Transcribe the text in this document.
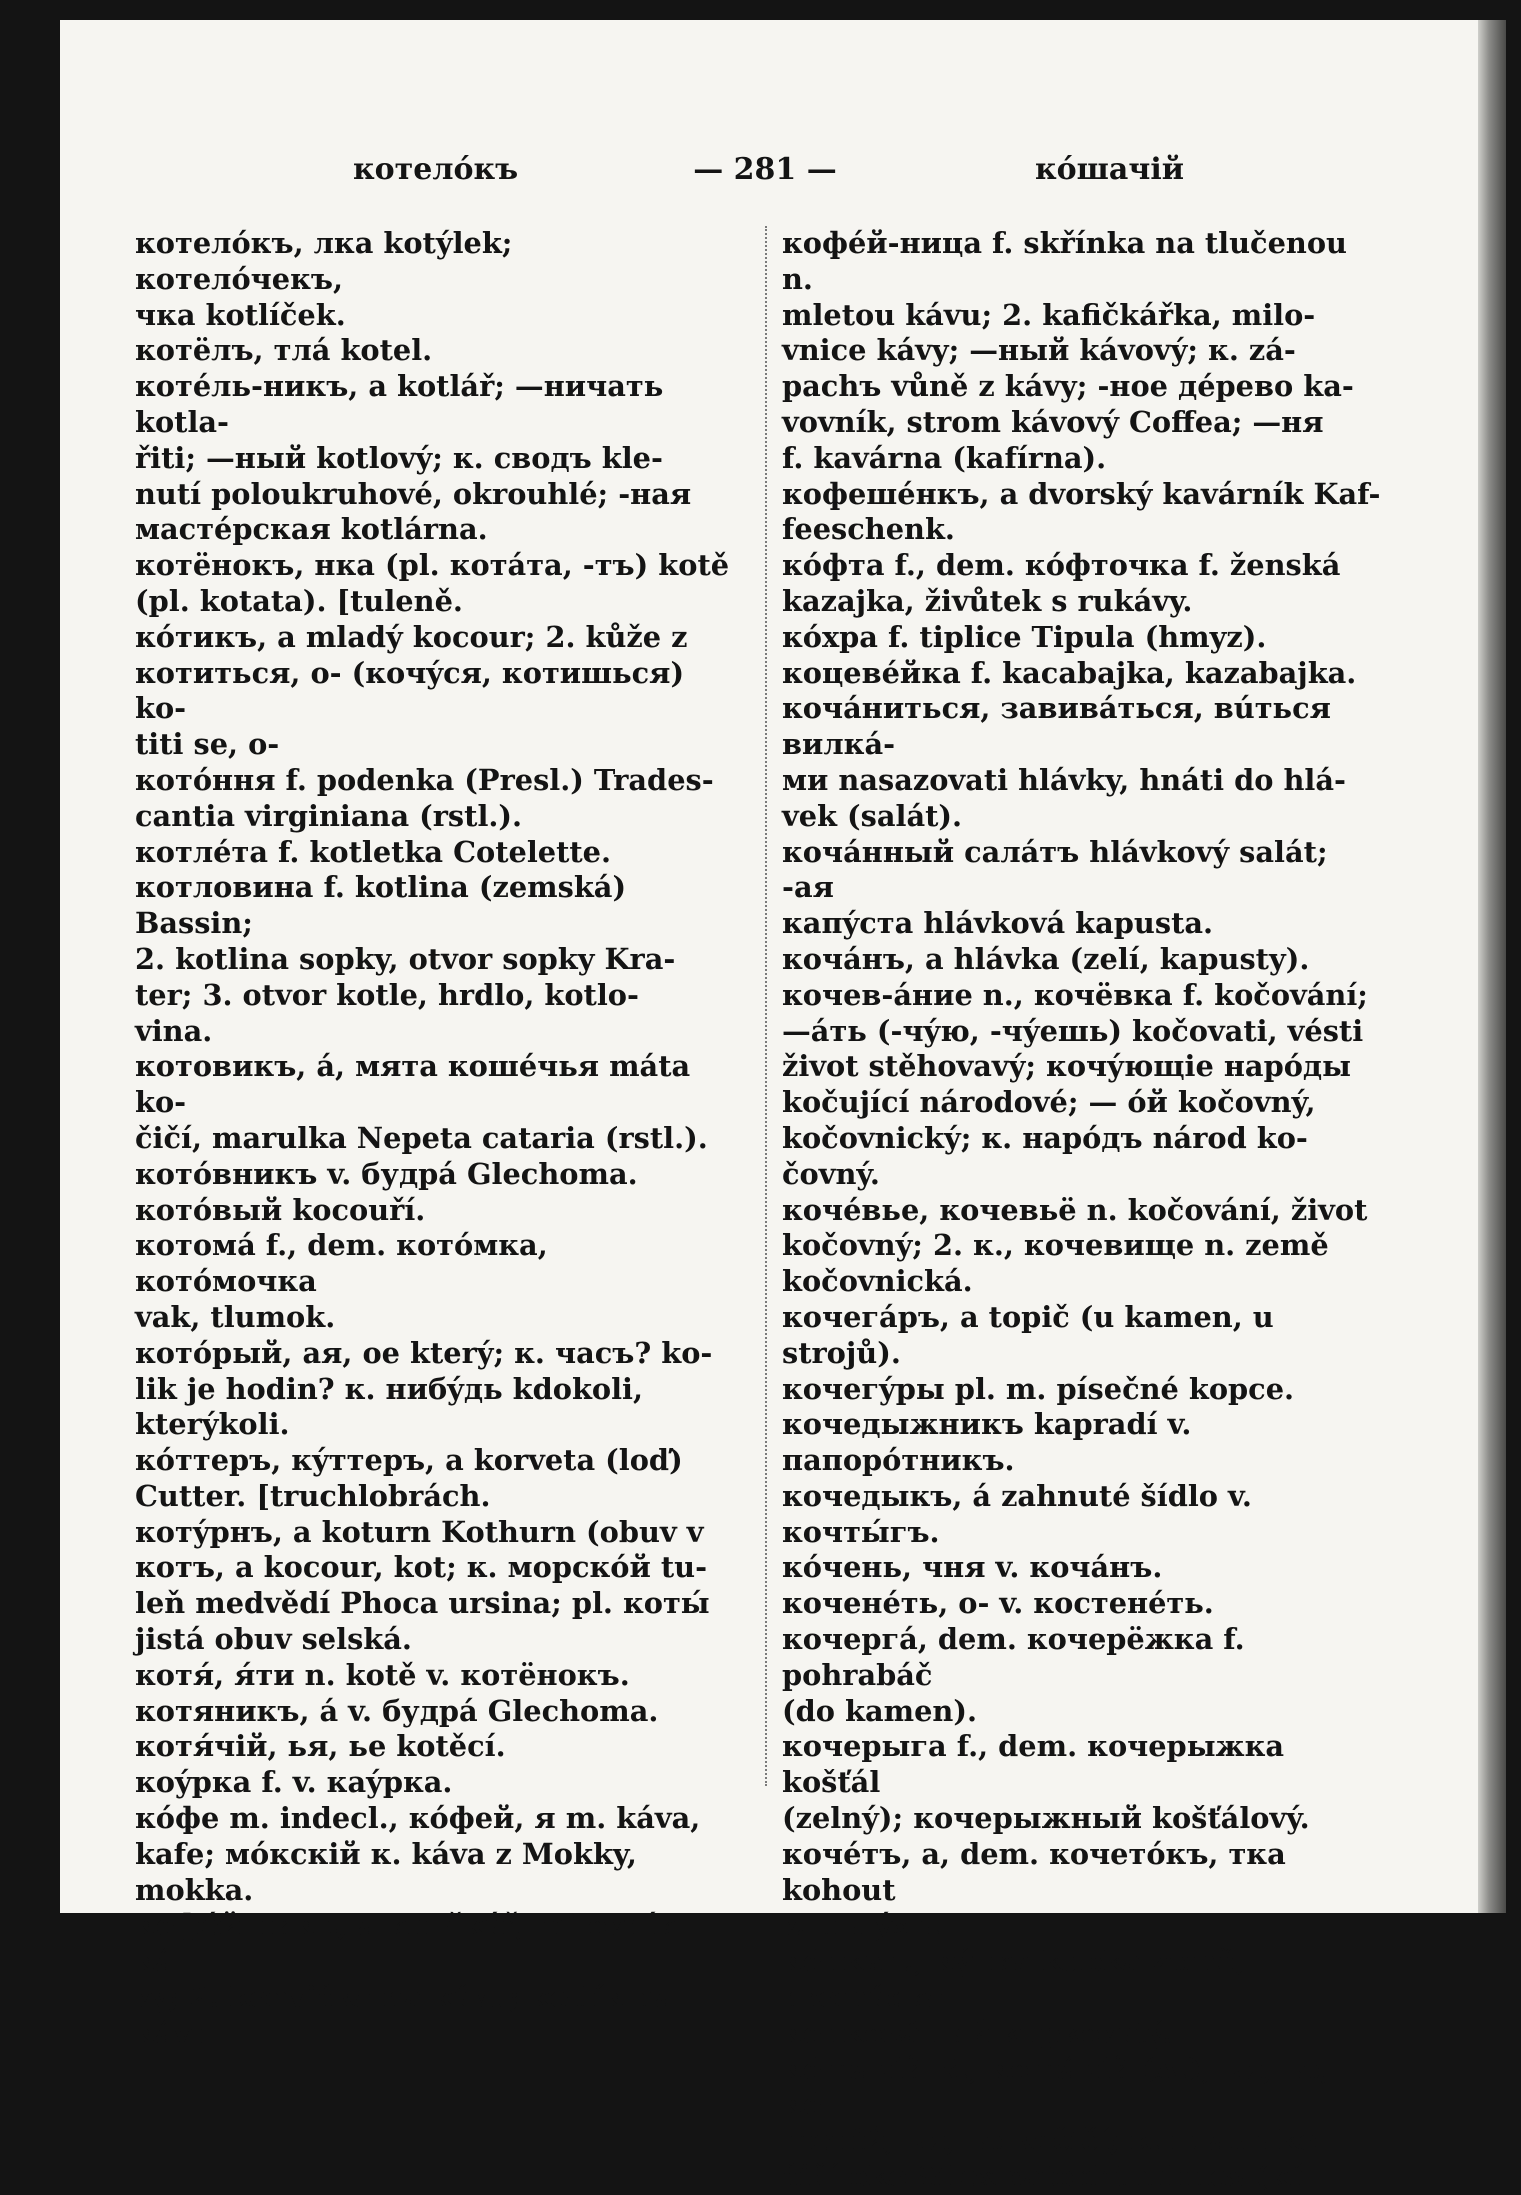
котелóкъ	— 281 —	кóшачій
котелóкъ, лка kotýlek; котелóчекъ,
чка kotlíček.
котёлъ, тлá kotel.
котéль-никъ, a kotlář; —ничать kotla-
řiti; —ный kotlový; к. сводъ kle-
nutí poloukruhové, okrouhlé; -ная
мастéрская kotlárna.
котёнокъ, нка (pl. котáта, -тъ) kotě
(pl. kotata). [tuleně.
кóтикъ, a mladý kocour; 2. kůže z
котиться, о- (кочýся, котишься) ko-
titi se, o-
котóння f. podenka (Presl.) Trades-
cantia virginiana (rstl.).
котлéта f. kotletka Cotelette.
котловина f. kotlina (zemská) Bassin;
2. kotlina sopky, otvor sopky Kra-
ter; 3. otvor kotle, hrdlo, kotlo-
vina.
котовикъ, á, мята кошéчья máta ko-
čičí, marulka Nepeta cataria (rstl.).
котóвникъ v. будрá Glechoma.
котóвый kocouří.
котомá f., dem. котóмка, котóмочка
vak, tlumok.
котóрый, ая, ое který; к. часъ? ko-
lik je hodin? к. нибýдь kdokoli,
kterýkoli.
кóттеръ, кýттеръ, a korveta (loď)
Cutter. [truchlobrách.
котýрнъ, a koturn Kothurn (obuv v
котъ, a kocour, kot; к. морскóй tu-
leň medvědí Phoca ursina; pl. коты́
jistá obuv selská.
котя́, я́ти n. kotě v. котёнокъ.
котяникъ, á v. будрá Glechoma.
котя́чій, ья, ье kotěcí.
коýрка f. v. каýрка.
кóфе m. indecl., кóфей, я m. káva,
kafe; мóкскій к. káva z Mokky,
mokka.
кофéй-никъ, a kafičkář, milovník ká-
vy; 2. konvička na kávu; kotlík na
kávu.
кофéй-ница f. skřínka na tlučenou n.
mletou kávu; 2. kafičkářka, milo-
vnice kávy; —ный kávový; к. zá-
pachъ vůně z kávy; -ное дéрево ka-
vovník, strom kávový Coffea; —ня
f. kavárna (kafírna).
кофешéнкъ, a dvorský kavárník Kaf-
feeschenk.
кóфта f., dem. кóфточка f. ženská
kazajka, živůtek s rukávy.
кóхра f. tiplice Tipula (hmyz).
коцевéйка f. kacabajka, kazabajka.
кочáниться, завивáться, вúться вилкá-
ми nasazovati hlávky, hnáti do hlá-
vek (salát).
кочáнный салáтъ hlávkový salát; -ая
капýста hlávková kapusta.
кочáнъ, a hlávka (zelí, kapusty).
кочев-áние n., кочёвка f. kočování;
—áть (-чýю, -чýешь) kočovati, vésti
život stěhovavý; кочýющіе нарóды
kočující národové; — óй kočovný,
kočovnický; к. нарóдъ národ ko-
čovný.
кочéвье, кочевьё n. kočování, život
kočovný; 2. к., кочевище n. země
kočovnická.
кочегáръ, a topič (u kamen, u strojů).
кочегýры pl. m. písečné kopce.
кочедыжникъ kapradí v. папорóтникъ.
кочедыкъ, á zahnuté šídlo v. кочты́гъ.
кóчень, чня v. кочáнъ.
коченéть, о- v. костенéть.
кочергá, dem. кочерёжка f. pohrabáč
(do kamen).
кочерыга f., dem. кочерыжка košťál
(zelný); кочерыжный košťálový.
кочéтъ, a, dem. кочетóкъ, тка kohout
v. пѣтýхъ.
кóчка f., кýчка kupka země, hromádka.
кочковáтый kupkovatý.
кóшачій R., кошáчій (A.), ья, ье, кó-
шечій, ья, ье kočičí; к. глазъ ko-
čičí oko Silex catophthalmos (ká-
